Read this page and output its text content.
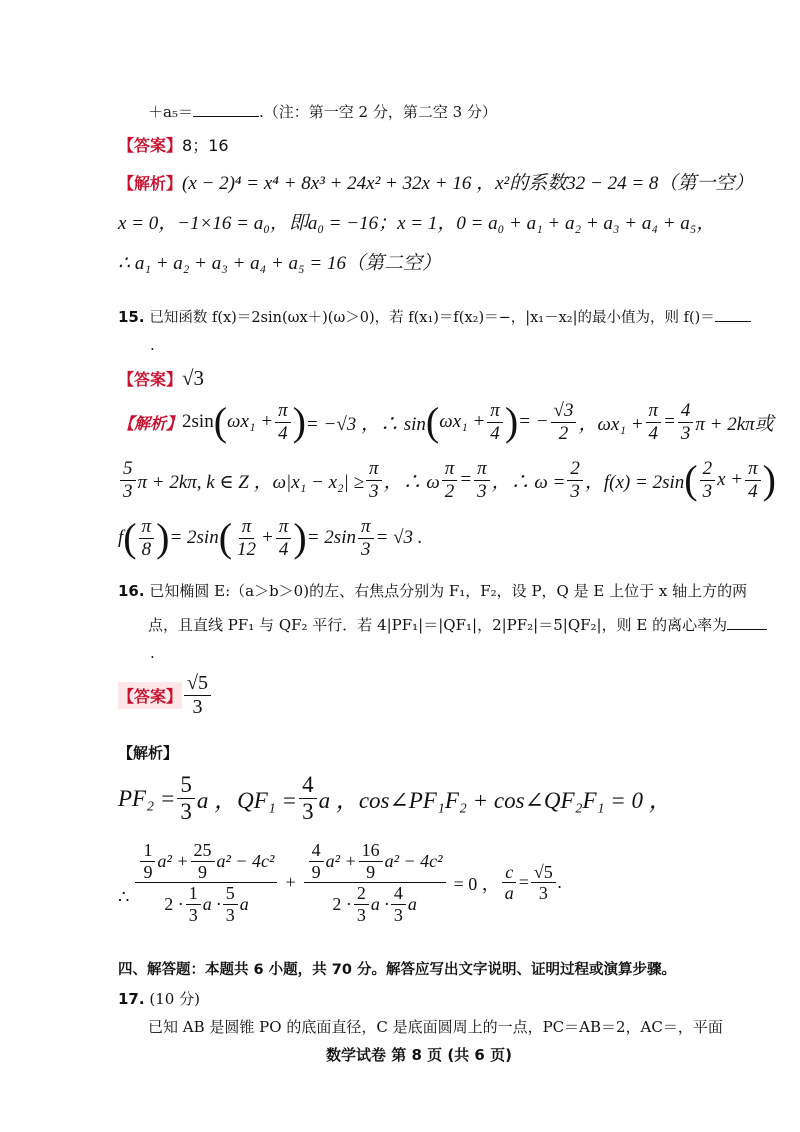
＋a₅＝	.（注：第一空 2 分，第二空 3 分）
【答案】8；16
【解析】(x − 2)⁴ = x⁴ + 8x³ + 24x² + 32x + 16 ，x²的系数32 − 24 = 8（第一空）
x = 0，−1×16 = a₀，即a₀ = −16；x = 1，0 = a₀ + a₁ + a₂ + a₃ + a₄ + a₅，
∴ a₁ + a₂ + a₃ + a₄ + a₅ = 16（第二空）
15. 已知函数 f(x)＝2sin(ωx＋)(ω＞0)，若 f(x₁)＝f(x₂)＝−，|x₁－x₂|的最小值为，则 f()＝
.
【答案】√3
【解析】 2sin ( $\omega x_1 + \frac{\pi}{4}$ ) = −√3 ，∴ sin ( $\omega x_1 + \frac{\pi}{4}$ ) = − $\frac{√3}{2}$ ，$\omega x_1 + \frac{\pi}{4} = \frac{4}{3}$ π + 2kπ或
$\frac{5}{3}$ π + 2kπ, k ∈ Z ，$\omega|x_1 - x_2| \ge \frac{\pi}{3}$ ，∴ ω $\frac{\pi}{2} = \frac{\pi}{3}$ ，∴ $\omega = \frac{2}{3}$ ，f(x) = 2sin ( $\frac{2}{3}$ $x + \frac{\pi}{4}$ )
f ( $\frac{\pi}{8}$ ) = 2sin ( $\frac{\pi}{12} + \frac{\pi}{4}$ ) = $2\sin \frac{\pi}{3} = √3$ .
16. 已知椭圆 E:（a＞b＞0)的左、右焦点分别为 F₁，F₂，设 P，Q 是 E 上位于 x 轴上方的两
点，且直线 PF₁ 与 QF₂ 平行．若 4|PF₁|＝|QF₁|，2|PF₂|＝5|QF₂|，则 E 的离心率为
.
【答案】 $\frac{√5}{3}$
【解析】
$PF_2 = \frac{5}{3}$ a ，$QF_1 = \frac{4}{3}$ a ，cos∠PF₁F₂ + cos∠QF₂F₁ = 0 ，
∴ $\frac{\frac{1}{9} a^2 + \frac{25}{9} a^2 - 4c^2}{2 \cdot \frac{1}{3} a \cdot \frac{5}{3} a} + \frac{\frac{4}{9} a^2 + \frac{16}{9} a^2 - 4c^2}{2 \cdot \frac{2}{3} a \cdot \frac{4}{3} a} = 0$ ， $\frac{c}{a} = \frac{√5}{3}$ .
四、解答题：本题共 6 小题，共 70 分。解答应写出文字说明、证明过程或演算步骤。
17. (10 分)
已知 AB 是圆锥 PO 的底面直径，C 是底面圆周上的一点，PC＝AB＝2，AC＝，平面
数学试卷 第 8 页 (共 6 页)
